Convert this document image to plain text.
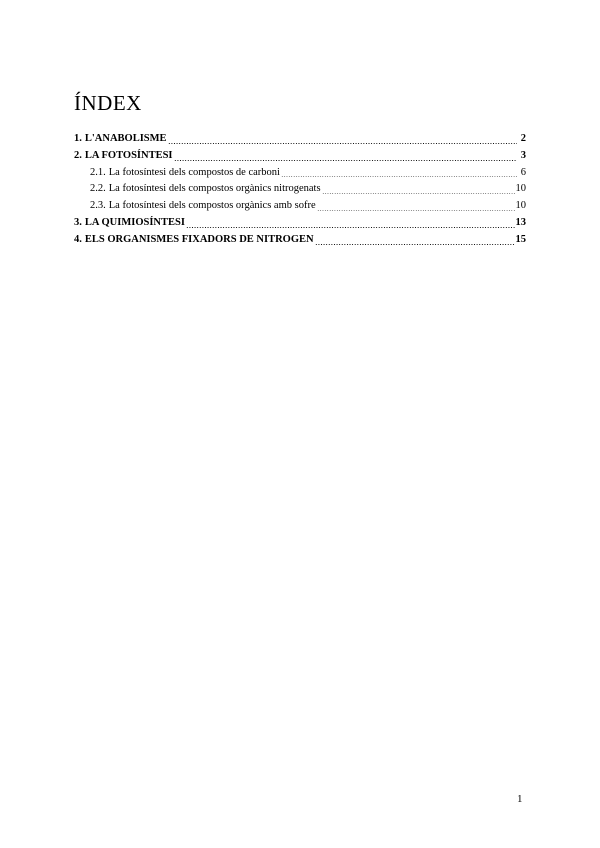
ÍNDEX
1. L'ANABOLISME	2
2. LA FOTOSÍNTESI	3
2.1. La fotosíntesi dels compostos de carboni	6
2.2. La fotosíntesi dels compostos orgànics nitrogenats	10
2.3. La fotosíntesi dels compostos orgànics amb sofre	10
3. LA QUIMIOSÍNTESI	13
4. ELS ORGANISMES FIXADORS DE NITROGEN	15
1
